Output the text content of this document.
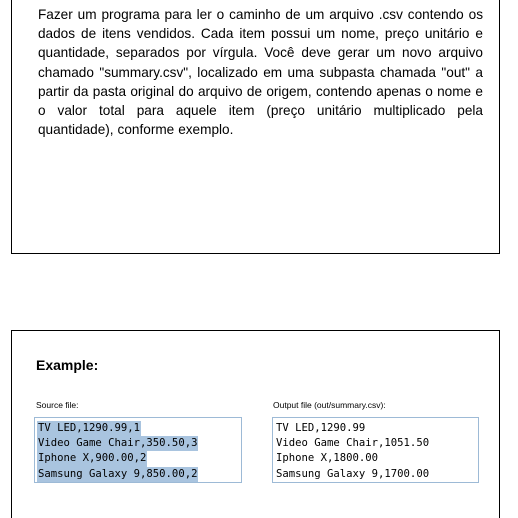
Fazer um programa para ler o caminho de um arquivo .csv contendo os dados de itens vendidos. Cada item possui um nome, preço unitário e quantidade, separados por vírgula. Você deve gerar um novo arquivo chamado "summary.csv", localizado em uma subpasta chamada "out" a partir da pasta original do arquivo de origem, contendo apenas o nome e o valor total para aquele item (preço unitário multiplicado pela quantidade), conforme exemplo.

Example:

Source file:	Output file (out/summary.csv):

TV LED,1290.99,1
Video Game Chair,350.50,3
Iphone X,900.00,2
Samsung Galaxy 9,850.00,2
TV LED,1290.99
Video Game Chair,1051.50
Iphone X,1800.00
Samsung Galaxy 9,1700.00
